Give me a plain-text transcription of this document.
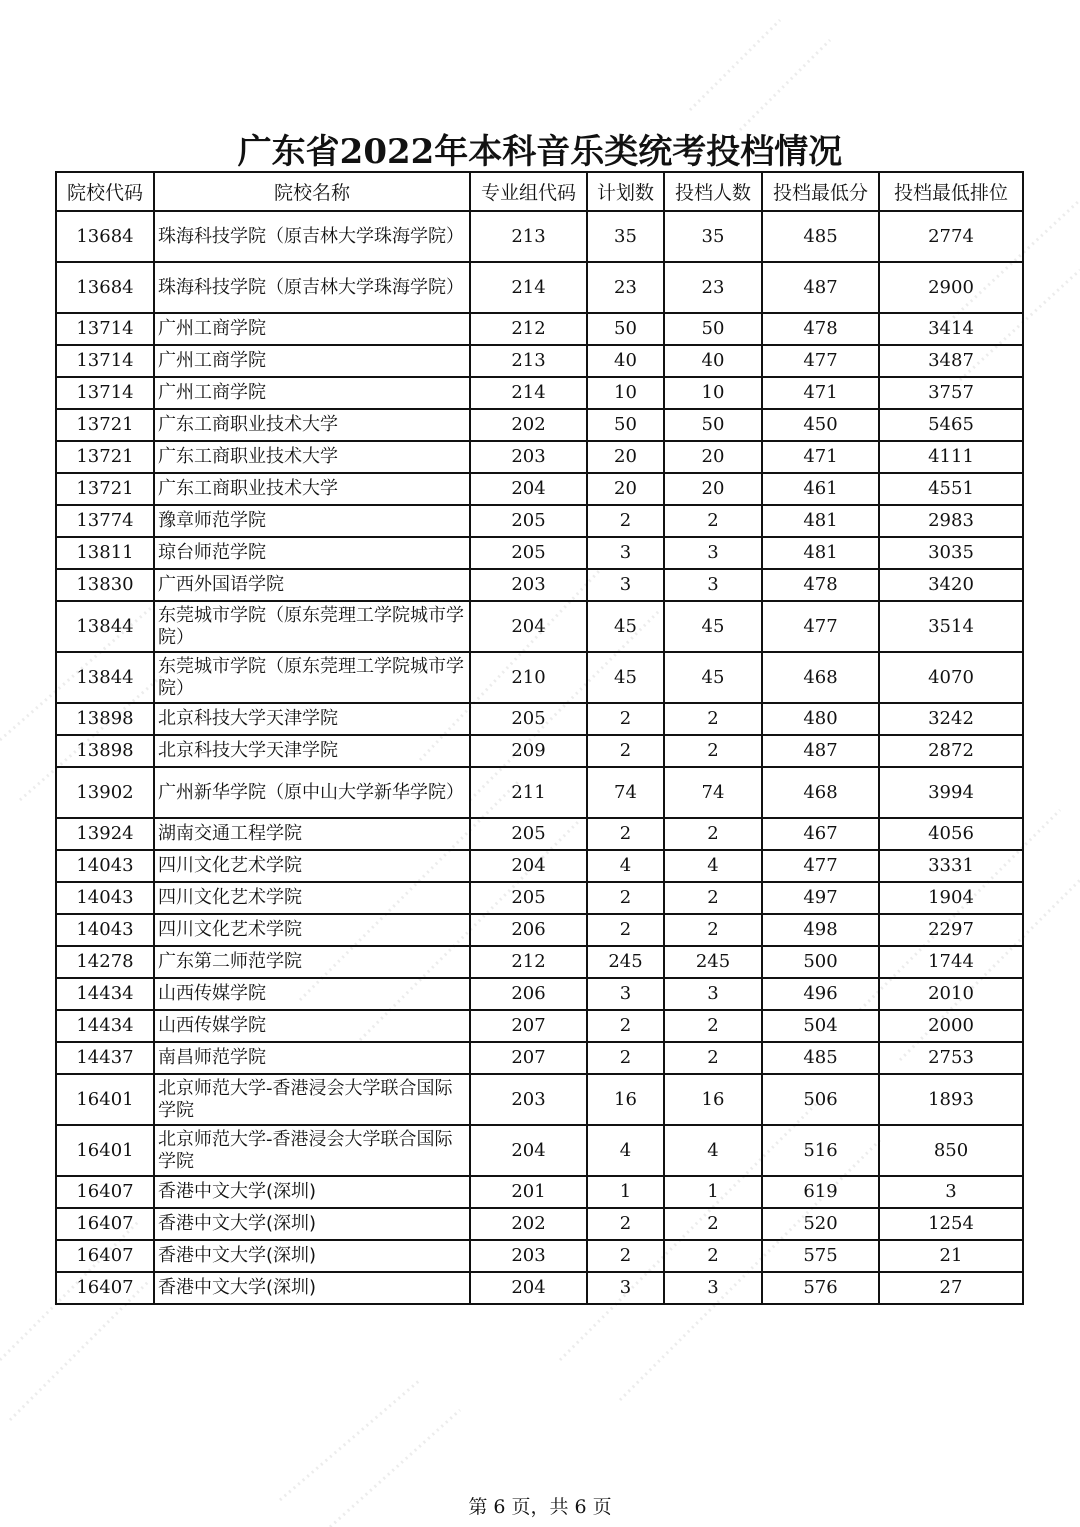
广东省2022年本科音乐类统考投档情况
院校代码	院校名称	专业组代码	计划数	投档人数	投档最低分	投档最低排位
13684	珠海科技学院（原吉林大学珠海学院）	213	35	35	485	2774
13684	珠海科技学院（原吉林大学珠海学院）	214	23	23	487	2900
13714	广州工商学院	212	50	50	478	3414
13714	广州工商学院	213	40	40	477	3487
13714	广州工商学院	214	10	10	471	3757
13721	广东工商职业技术大学	202	50	50	450	5465
13721	广东工商职业技术大学	203	20	20	471	4111
13721	广东工商职业技术大学	204	20	20	461	4551
13774	豫章师范学院	205	2	2	481	2983
13811	琼台师范学院	205	3	3	481	3035
13830	广西外国语学院	203	3	3	478	3420
13844	东莞城市学院（原东莞理工学院城市学院）	204	45	45	477	3514
13844	东莞城市学院（原东莞理工学院城市学院）	210	45	45	468	4070
13898	北京科技大学天津学院	205	2	2	480	3242
13898	北京科技大学天津学院	209	2	2	487	2872
13902	广州新华学院（原中山大学新华学院）	211	74	74	468	3994
13924	湖南交通工程学院	205	2	2	467	4056
14043	四川文化艺术学院	204	4	4	477	3331
14043	四川文化艺术学院	205	2	2	497	1904
14043	四川文化艺术学院	206	2	2	498	2297
14278	广东第二师范学院	212	245	245	500	1744
14434	山西传媒学院	206	3	3	496	2010
14434	山西传媒学院	207	2	2	504	2000
14437	南昌师范学院	207	2	2	485	2753
16401	北京师范大学-香港浸会大学联合国际学院	203	16	16	506	1893
16401	北京师范大学-香港浸会大学联合国际学院	204	4	4	516	850
16407	香港中文大学(深圳)	201	1	1	619	3
16407	香港中文大学(深圳)	202	2	2	520	1254
16407	香港中文大学(深圳)	203	2	2	575	21
16407	香港中文大学(深圳)	204	3	3	576	27
第 6 页，共 6 页
